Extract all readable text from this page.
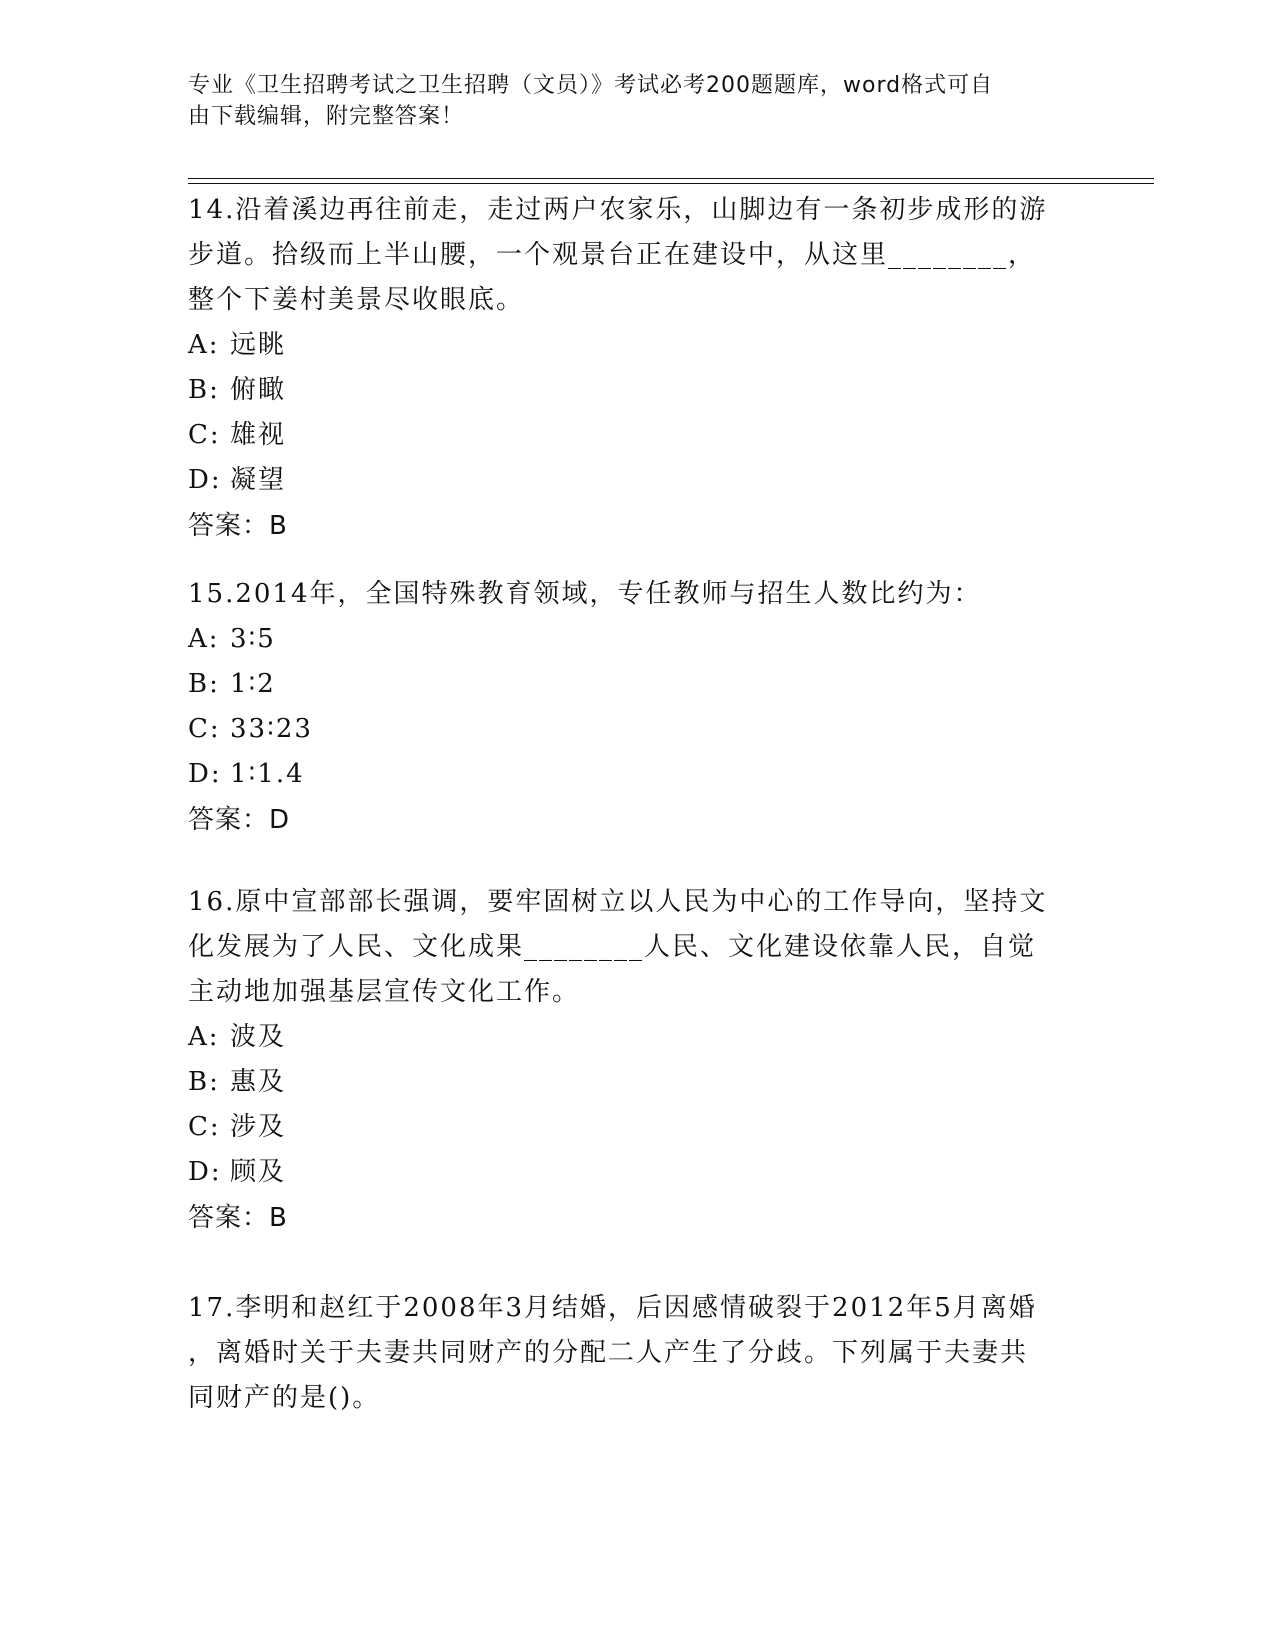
专业《卫生招聘考试之卫生招聘（文员）》考试必考200题题库，word格式可自
由下载编辑，附完整答案！
14.沿着溪边再往前走，走过两户农家乐，山脚边有一条初步成形的游
步道。拾级而上半山腰，一个观景台正在建设中，从这里________，
整个下姜村美景尽收眼底。
A: 远眺
B: 俯瞰
C: 雄视
D: 凝望
答案：B
15.2014年，全国特殊教育领域，专任教师与招生人数比约为：
A: 3∶5
B: 1∶2
C: 33∶23
D: 1∶1.4
答案：D
16.原中宣部部长强调，要牢固树立以人民为中心的工作导向，坚持文
化发展为了人民、文化成果________人民、文化建设依靠人民，自觉
主动地加强基层宣传文化工作。
A: 波及
B: 惠及
C: 涉及
D: 顾及
答案：B
17.李明和赵红于2008年3月结婚，后因感情破裂于2012年5月离婚
，离婚时关于夫妻共同财产的分配二人产生了分歧。下列属于夫妻共
同财产的是()。
